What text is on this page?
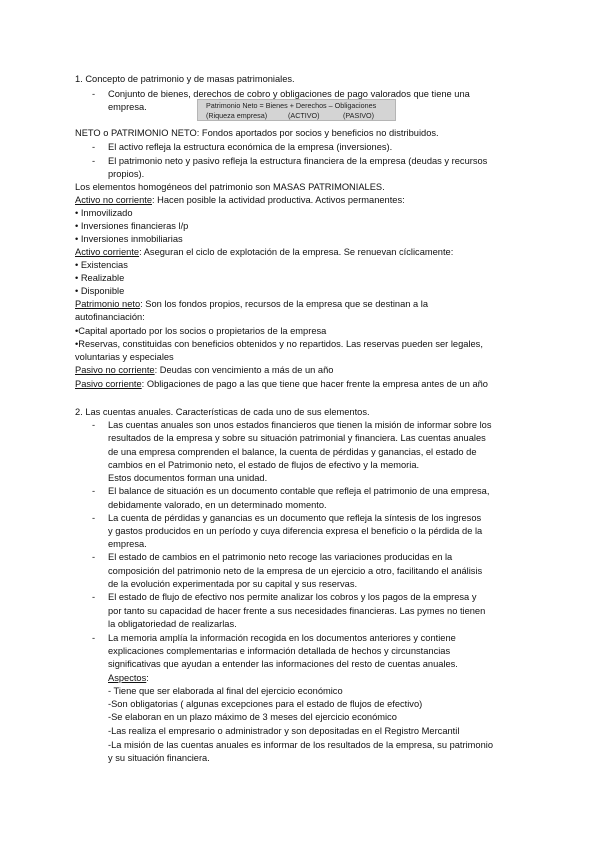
1. Concepto de patrimonio y de masas patrimoniales.
- Conjunto de bienes, derechos de cobro y obligaciones de pago valorados que tiene una
empresa.	Patrimonio Neto = Bienes + Derechos – Obligaciones
(Riqueza empresa)	(ACTIVO)	(PASIVO)
NETO o PATRIMONIO NETO: Fondos aportados por socios y beneficios no distribuidos.
- El activo refleja la estructura económica de la empresa (inversiones).
- El patrimonio neto y pasivo refleja la estructura financiera de la empresa (deudas y recursos
propios).
Los elementos homogéneos del patrimonio son MASAS PATRIMONIALES.
Activo no corriente: Hacen posible la actividad productiva. Activos permanentes:
• Inmovilizado
• Inversiones financieras l/p
• Inversiones inmobiliarias
Activo corriente: Aseguran el ciclo de explotación de la empresa. Se renuevan cíclicamente:
• Existencias
• Realizable
• Disponible
Patrimonio neto: Son los fondos propios, recursos de la empresa que se destinan a la
autofinanciación:
•Capital aportado por los socios o propietarios de la empresa
•Reservas, constituidas con beneficios obtenidos y no repartidos. Las reservas pueden ser legales,
voluntarias y especiales
Pasivo no corriente: Deudas con vencimiento a más de un año
Pasivo corriente: Obligaciones de pago a las que tiene que hacer frente la empresa antes de un año
2. Las cuentas anuales. Características de cada uno de sus elementos.
- Las cuentas anuales son unos estados financieros que tienen la misión de informar sobre los
resultados de la empresa y sobre su situación patrimonial y financiera. Las cuentas anuales
de una empresa comprenden el balance, la cuenta de pérdidas y ganancias, el estado de
cambios en el Patrimonio neto, el estado de flujos de efectivo y la memoria.
Estos documentos forman una unidad.
- El balance de situación es un documento contable que refleja el patrimonio de una empresa,
debidamente valorado, en un determinado momento.
- La cuenta de pérdidas y ganancias es un documento que refleja la síntesis de los ingresos
y gastos producidos en un período y cuya diferencia expresa el beneficio o la pérdida de la
empresa.
- El estado de cambios en el patrimonio neto recoge las variaciones producidas en la
composición del patrimonio neto de la empresa de un ejercicio a otro, facilitando el análisis
de la evolución experimentada por su capital y sus reservas.
- El estado de flujo de efectivo nos permite analizar los cobros y los pagos de la empresa y
por tanto su capacidad de hacer frente a sus necesidades financieras. Las pymes no tienen
la obligatoriedad de realizarlas.
- La memoria amplía la información recogida en los documentos anteriores y contiene
explicaciones complementarias e información detallada de hechos y circunstancias
significativas que ayudan a entender las informaciones del resto de cuentas anuales.
Aspectos:
- Tiene que ser elaborada al final del ejercicio económico
-Son obligatorias ( algunas excepciones para el estado de flujos de efectivo)
-Se elaboran en un plazo máximo de 3 meses del ejercicio económico
-Las realiza el empresario o administrador y son depositadas en el Registro Mercantil
-La misión de las cuentas anuales es informar de los resultados de la empresa, su patrimonio
y su situación financiera.
